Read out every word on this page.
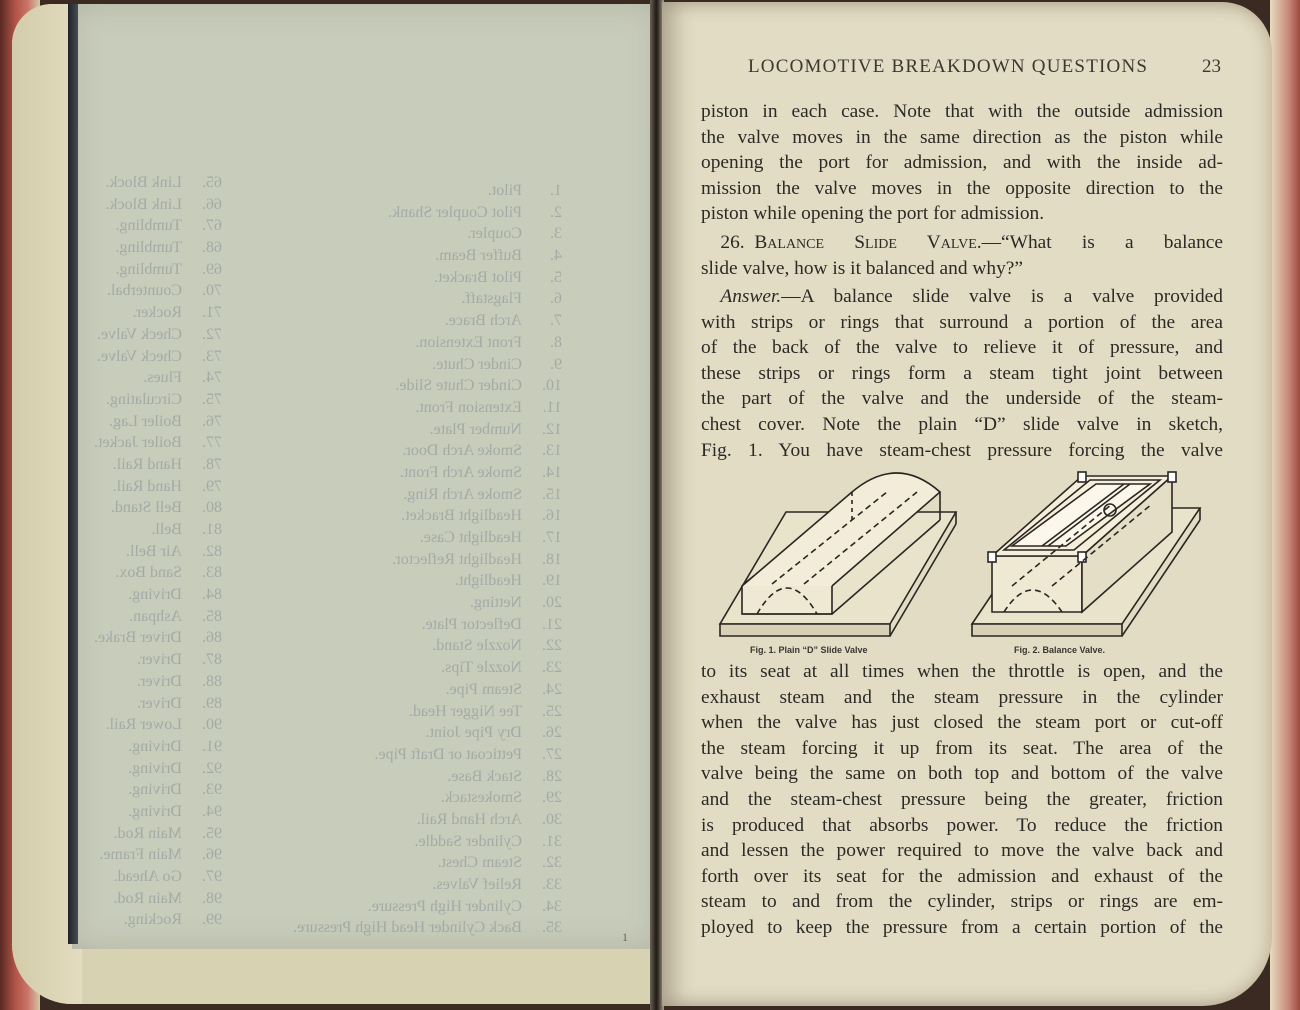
1.Pilot.
2.Pilot Coupler Shank.
3.Coupler.
4.Buffer Beam.
5.Pilot Bracket.
6.Flagstaff.
7.Arch Brace.
8.Front Extension.
9.Cinder Chute.
10.Cinder Chute Slide.
11.Extension Front.
12.Number Plate.
13.Smoke Arch Door.
14.Smoke Arch Front.
15.Smoke Arch Ring.
16.Headlight Bracket.
17.Headlight Case.
18.Headlight Reflector.
19.Headlight.
20.Netting.
21.Deflector Plate.
22.Nozzle Stand.
23.Nozzle Tips.
24.Steam Pipe.
25.Tee Nigger Head.
26.Dry Pipe Joint.
27.Petticoat or Draft Pipe.
28.Stack Base.
29.Smokestack.
30.Arch Hand Rail.
31.Cylinder Saddle.
32.Steam Chest.
33.Relief Valves.
34.Cylinder High Pressure.
35.Back Cylinder Head High Pressure.
65.Link Block.
66.Link Block.
67.Tumbling.
68.Tumbling.
69.Tumbling.
70.Counterbal.
71.Rocker.
72.Check Valve.
73.Check Valve.
74.Flues.
75.Circulating.
76.Boiler Lag.
77.Boiler Jacket.
78.Hand Rail.
79.Hand Rail.
80.Bell Stand.
81.Bell.
82.Air Bell.
83.Sand Box.
84.Driving.
85.Ashpan.
86.Driver Brake.
87.Driver.
88.Driver.
89.Driver.
90.Lower Rail.
91.Driving.
92.Driving.
93.Driving.
94.Driving.
95.Main Rod.
96.Main Frame.
97.Go Ahead.
98.Main Rod.
99.Rocking.
1
LOCOMOTIVE BREAKDOWN QUESTIONS	23
piston in each case. Note that with the outside admission
the valve moves in the same direction as the piston while
opening the port for admission, and with the inside ad-
mission the valve moves in the opposite direction to the
piston while opening the port for admission.
 26.  Balance Slide Valve.—“What is a balance
slide valve, how is it balanced and why?”
 Answer.—A balance slide valve is a valve provided
with strips or rings that surround a portion of the area
of the back of the valve to relieve it of pressure, and
these strips or rings form a steam tight joint between
the part of the valve and the underside of the steam-
chest cover. Note the plain “D” slide valve in sketch,
Fig. 1. You have steam-chest pressure forcing the valve
Fig. 1. Plain “D” Slide Valve	Fig. 2. Balance Valve.
to its seat at all times when the throttle is open, and the
exhaust steam and the steam pressure in the cylinder
when the valve has just closed the steam port or cut-off
the steam forcing it up from its seat. The area of the
valve being the same on both top and bottom of the valve
and the steam-chest pressure being the greater, friction
is produced that absorbs power. To reduce the friction
and lessen the power required to move the valve back and
forth over its seat for the admission and exhaust of the
steam to and from the cylinder, strips or rings are em-
ployed to keep the pressure from a certain portion of the
